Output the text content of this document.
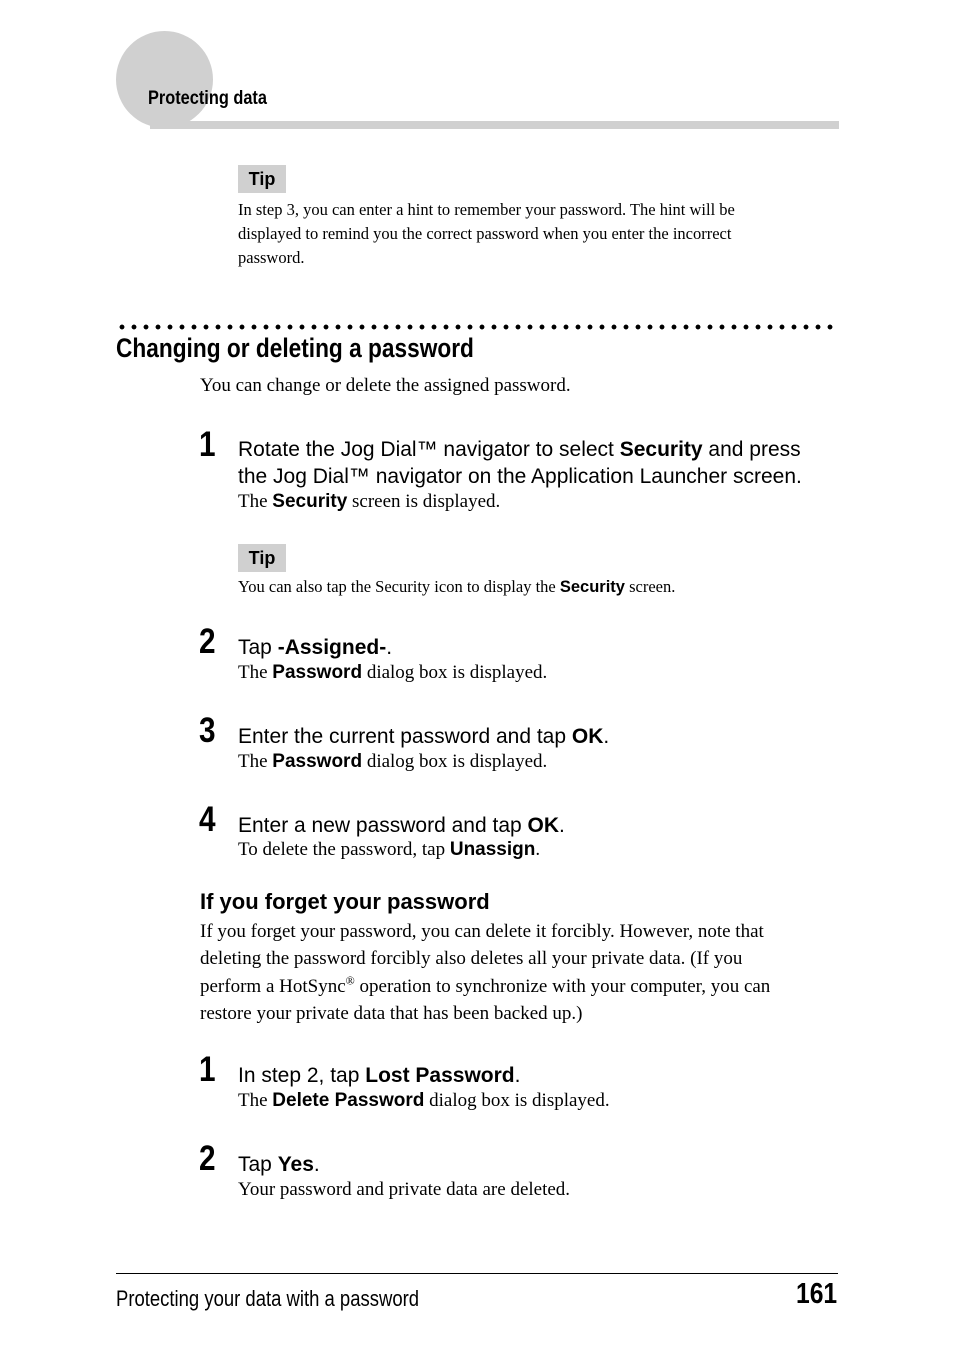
Protecting data
Tip
In step 3, you can enter a hint to remember your password. The hint will be
displayed to remind you the correct password when you enter the incorrect
password.
Changing or deleting a password
You can change or delete the assigned password.
1 Rotate the Jog Dial™ navigator to select Security and press
the Jog Dial™ navigator on the Application Launcher screen.
The Security screen is displayed.
Tip
You can also tap the Security icon to display the Security screen.
2 Tap -Assigned-.
The Password dialog box is displayed.
3 Enter the current password and tap OK.
The Password dialog box is displayed.
4 Enter a new password and tap OK.
To delete the password, tap Unassign.
If you forget your password
If you forget your password, you can delete it forcibly. However, note that
deleting the password forcibly also deletes all your private data. (If you
perform a HotSync® operation to synchronize with your computer, you can
restore your private data that has been backed up.)
1 In step 2, tap Lost Password.
The Delete Password dialog box is displayed.
2 Tap Yes.
Your password and private data are deleted.
Protecting your data with a password	161
